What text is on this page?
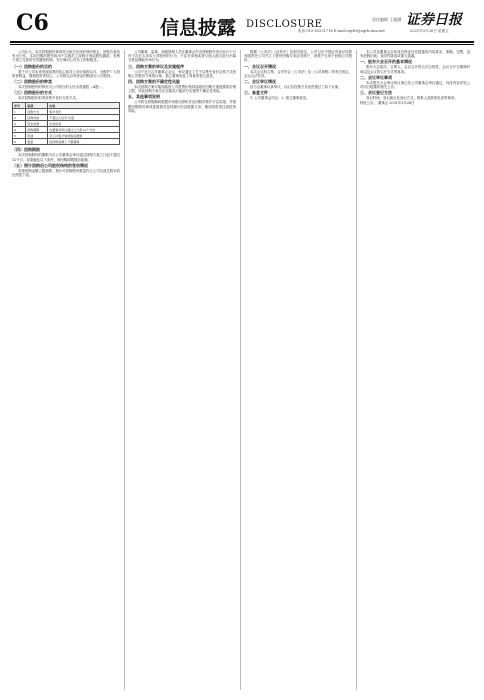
C6	信息披露 DISCLOSURE	责任编辑 王雅涵 证券日报
电话:010-83251716 E-mail:zqrb9@zqrb.sina.net	2021年3月26日 星期五

公司认为，本次回购股份事项符合相关法律法规的规定，回购方案具有可行性。本次回购的股份将用于实施员工持股计划或股权激励，有利于建立完善的长效激励机制，充分调动公司员工的积极性。

（一）回购股份的目的

基于对公司未来发展前景的信心和对公司价值的认可，为维护广大投资者利益，增强投资者信心，公司拟以自有资金回购部分公司股份。

（二）回购股份的种类

本次回购股份的种类为公司发行的人民币普通股（A股）。

（三）回购股份的方式

本次回购股份拟采用集中竞价交易方式。

序号	事项	内容
1	回购方式	集中竞价
2	回购价格	不超过人民币元/股
3	资金来源	自有资金
4	回购期限	自董事会审议通过之日起12个月内
5	用途	员工持股计划或股权激励
6	数量	按回购金额上下限测算
（四）回购期限

本次回购股份的期限为自公司董事会审议通过回购方案之日起不超过12个月。如果触及以下条件，则回购期限提前届满。

（五）预计回购后公司股权结构的变动情况

若按回购金额上限测算，预计可回购股份数量约占公司目前总股本的比例见下表。

公司董事、监事、高级管理人员在董事会作出回购股份决议前六个月内不存在买卖本公司股份的行为，不存在单独或者与他人联合进行内幕交易及操纵市场行为。

三、回购方案的审议及实施程序

公司于近日召开董事会会议，审议通过了关于以集中竞价交易方式回购公司股份方案的议案，独立董事发表了同意的独立意见。

四、回购方案的不确定性风险

本次回购方案可能面临因公司股票价格持续超出回购方案披露的价格上限，导致回购方案无法实施或只能部分实施等不确定性风险。

五、其他事项说明

公司将在回购期间根据市场情况择机作出回购决策并予以实施，并根据回购股份事项进展情况及时履行信息披露义务，敬请投资者注意投资风险。

根据《公司法》《证券法》及相关规定，公司已在中国证券登记结算有限责任公司开立了股份回购专用证券账户，该账户仅用于回购公司股份。

一、会议召开情况

本次会议的召集、召开符合《公司法》及《公司章程》的有关规定，会议合法有效。

二、会议审议情况

经与会董事认真审议，以记名投票方式表决通过了如下议案。

三、备查文件

1. 公司董事会决议；2. 独立董事意见。

本公司及董事会全体成员保证信息披露的内容真实、准确、完整，没有虚假记载、误导性陈述或重大遗漏。

一、股东大会召开的基本情况

股东大会届次、召集人、会议召开的合法合规性、会议召开日期和时间以及会议的召开方式等事项。

二、会议审议事项

本次股东大会审议的议案已经公司董事会审议通过，具体内容详见公司同日披露的相关公告。

三、会议登记方法

登记时间、登记地点及登记方式，联系人及联系电话等事项。

特此公告。 董事会 2021年3月26日
